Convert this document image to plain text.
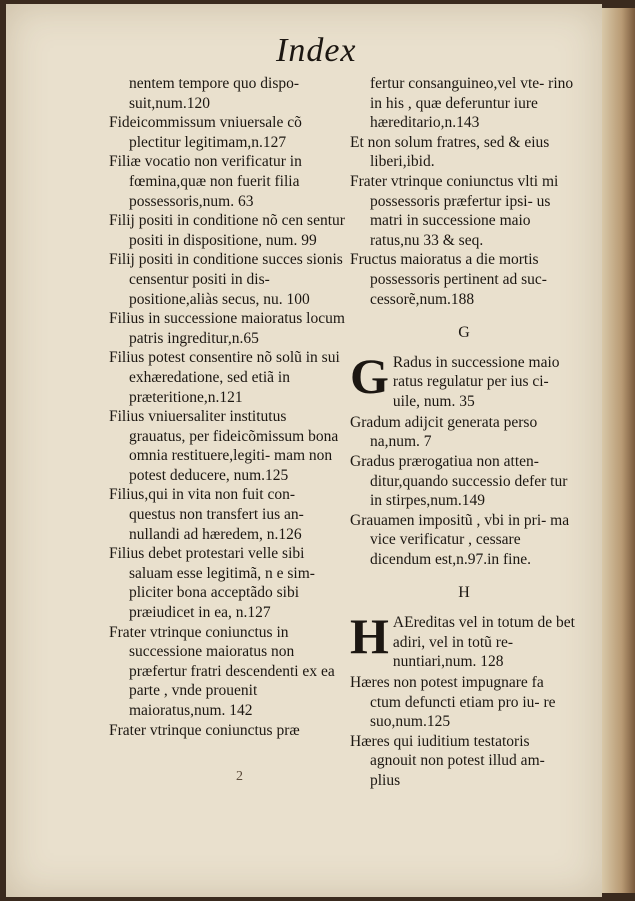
Index

nentem tempore quo dispo- suit,num.120

Fideicommissum vniuersale cõ plectitur legitimam,n.127

Filiæ vocatio non verificatur in fœmina,quæ non fuerit filia possessoris,num. 63

Filij positi in conditione nõ cen sentur positi in dispositione, num. 99

Filij positi in conditione succes sionis censentur positi in dis- positione,aliàs secus, nu. 100

Filius in successione maioratus locum patris ingreditur,n.65

Filius potest consentire nõ solũ in sui exhæredatione, sed etiã in præteritione,n.121

Filius vniuersaliter institutus grauatus, per fideicõmissum bona omnia restituere,legiti- mam non potest deducere, num.125

Filius,qui in vita non fuit con- questus non transfert ius an- nullandi ad hæredem, n.126

Filius debet protestari velle sibi saluam esse legitimã, n e sim- pliciter bona acceptãdo sibi præiudicet in ea, n.127

Frater vtrinque coniunctus in successione maioratus non præfertur fratri descendenti ex ea parte , vnde prouenit maioratus,num. 142

Frater vtrinque coniunctus præ

fertur consanguineo,vel vte- rino in his , quæ deferuntur iure hæreditario,n.143

Et non solum fratres, sed & eius liberi,ibid.

Frater vtrinque coniunctus vlti mi possessoris præfertur ipsi- us matri in successione maio ratus,nu 33 & seq.

Fructus maioratus a die mortis possessoris pertinent ad suc- cessorẽ,num.188

G
G Radus in successione maio ratus regulatur per ius ci- uile, num. 35

Gradum adijcit generata perso na,num. 7

Gradus prærogatiua non atten- ditur,quando successio defer tur in stirpes,num.149

Grauamen impositũ , vbi in pri- ma vice verificatur , cessare dicendum est,n.97.in fine.

H
H AEreditas vel in totum de bet adiri, vel in totũ re- nuntiari,num. 128

Hæres non potest impugnare fa ctum defuncti etiam pro iu- re suo,num.125

Hæres qui iuditium testatoris agnouit non potest illud am- plius

2
